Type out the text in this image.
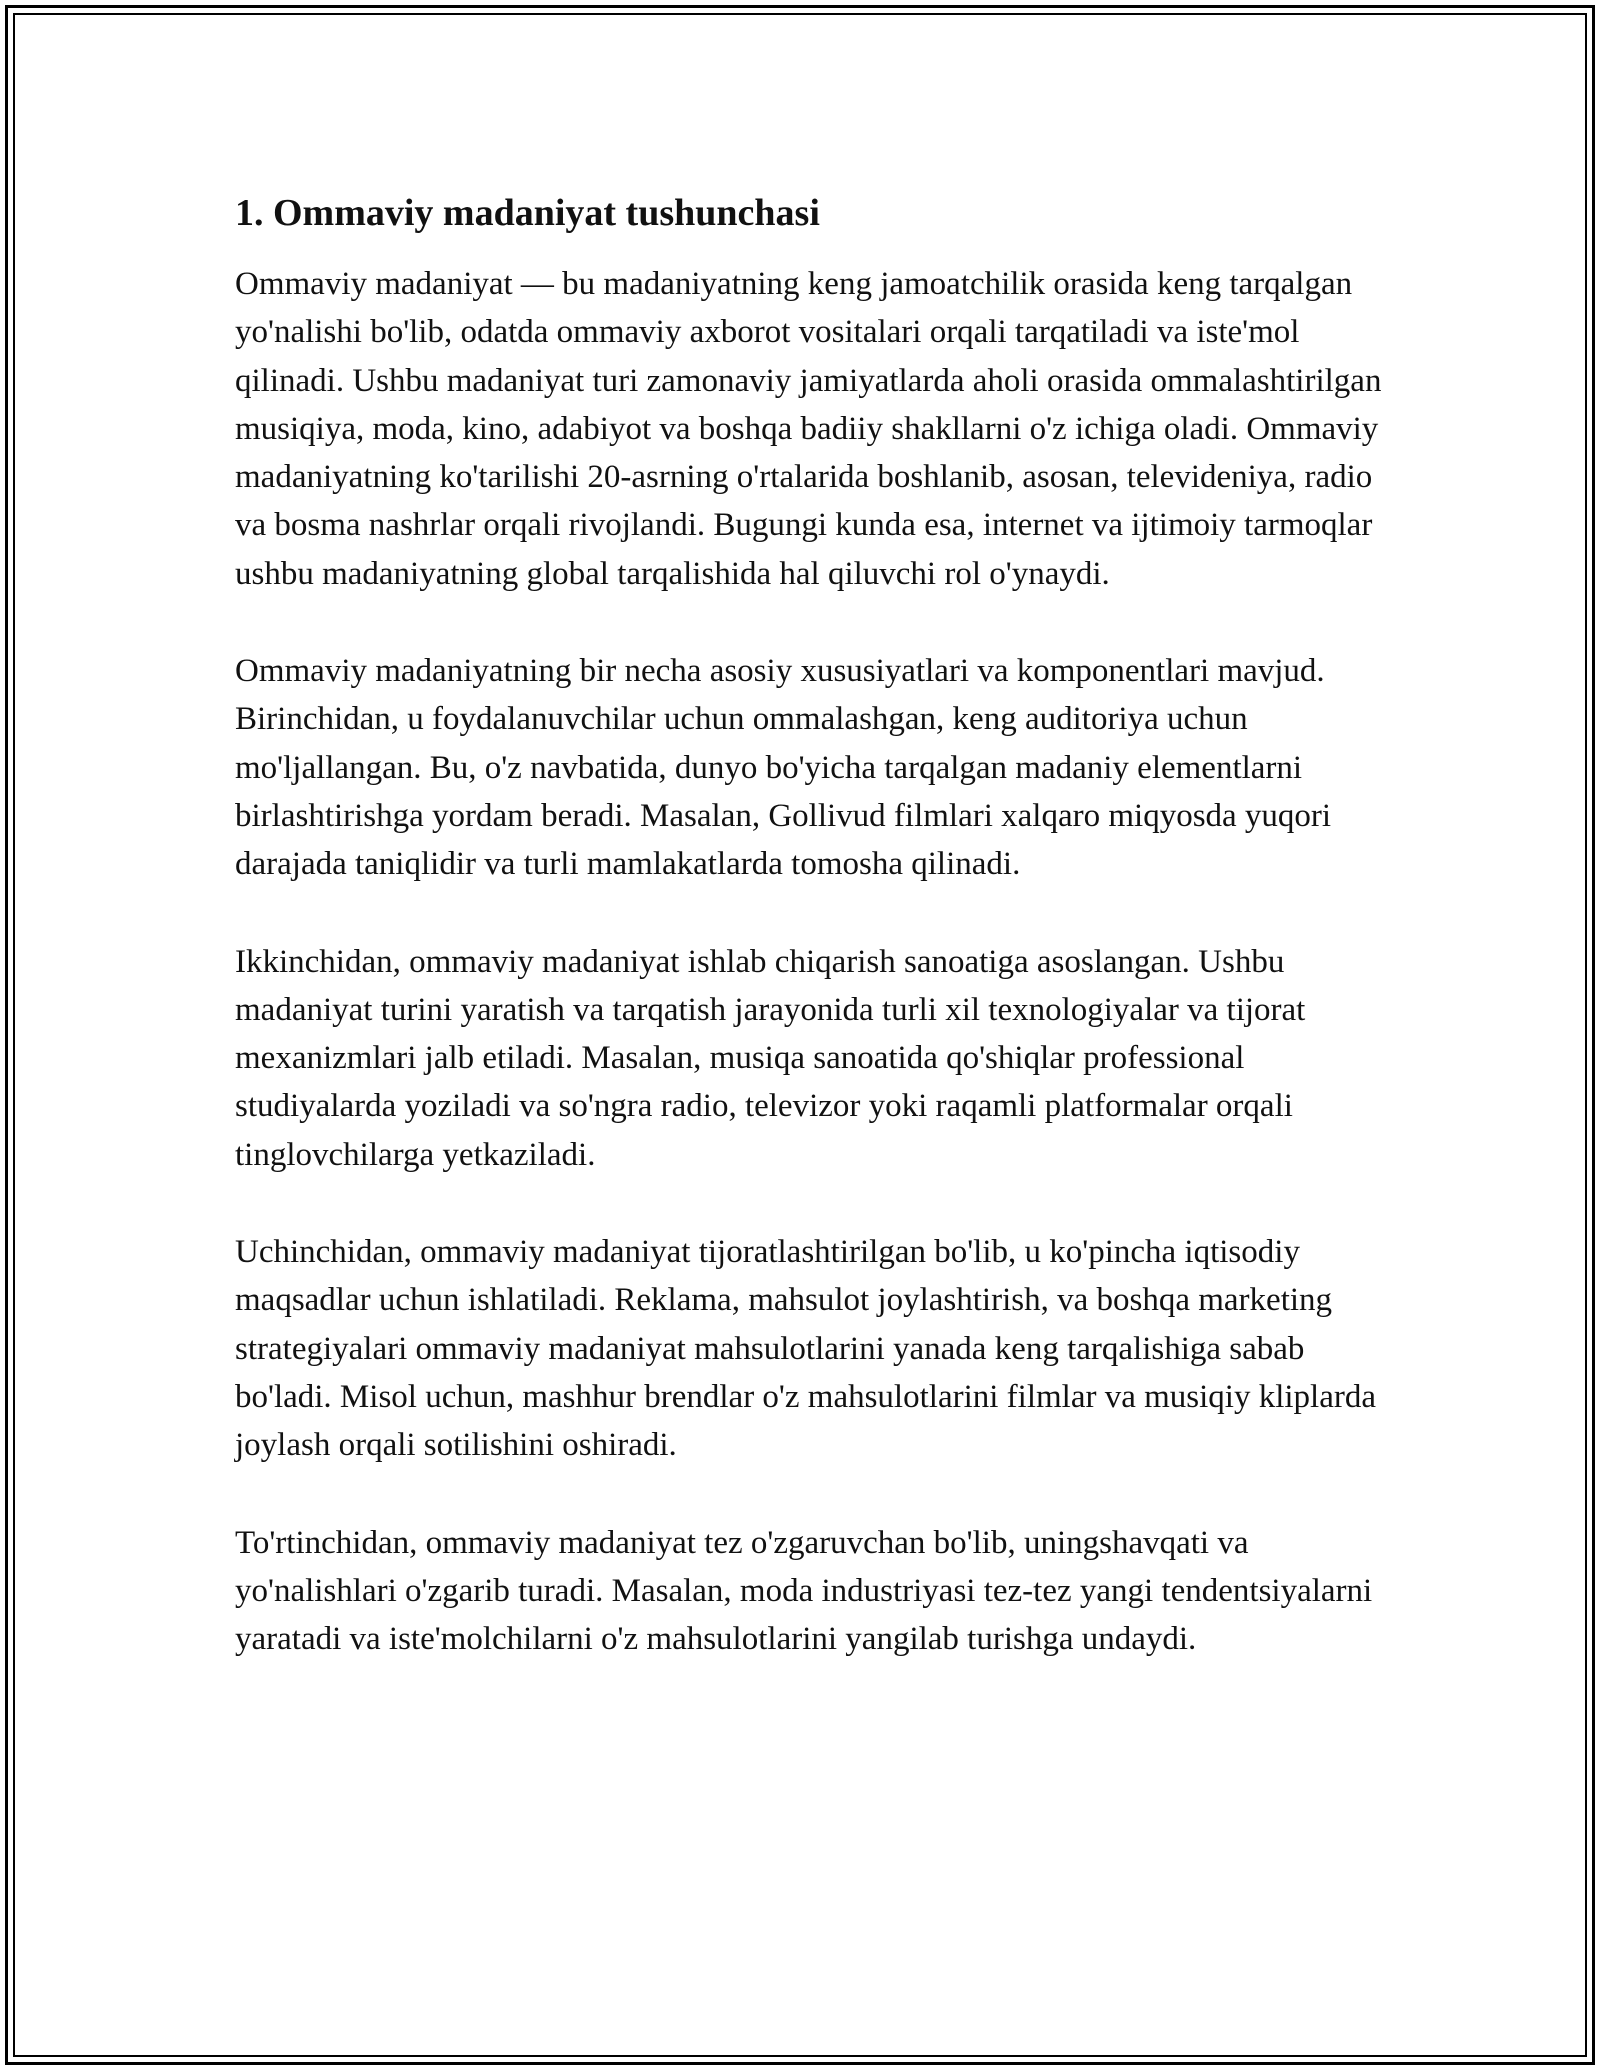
1. Ommaviy madaniyat tushunchasi

Ommaviy madaniyat — bu madaniyatning keng jamoatchilik orasida keng tarqalgan yo'nalishi bo'lib, odatda ommaviy axborot vositalari orqali tarqatiladi va iste'mol qilinadi. Ushbu madaniyat turi zamonaviy jamiyatlarda aholi orasida ommalashtirilgan musiqiya, moda, kino, adabiyot va boshqa badiiy shakllarni o'z ichiga oladi. Ommaviy madaniyatning ko'tarilishi 20-asrning o'rtalarida boshlanib, asosan, televideniya, radio va bosma nashrlar orqali rivojlandi. Bugungi kunda esa, internet va ijtimoiy tarmoqlar ushbu madaniyatning global tarqalishida hal qiluvchi rol o'ynaydi.

Ommaviy madaniyatning bir necha asosiy xususiyatlari va komponentlari mavjud. Birinchidan, u foydalanuvchilar uchun ommalashgan, keng auditoriya uchun mo'ljallangan. Bu, o'z navbatida, dunyo bo'yicha tarqalgan madaniy elementlarni birlashtirishga yordam beradi. Masalan, Gollivud filmlari xalqaro miqyosda yuqori darajada taniqlidir va turli mamlakatlarda tomosha qilinadi.

Ikkinchidan, ommaviy madaniyat ishlab chiqarish sanoatiga asoslangan. Ushbu madaniyat turini yaratish va tarqatish jarayonida turli xil texnologiyalar va tijorat mexanizmlari jalb etiladi. Masalan, musiqa sanoatida qo'shiqlar professional studiyalarda yoziladi va so'ngra radio, televizor yoki raqamli platformalar orqali tinglovchilarga yetkaziladi.

Uchinchidan, ommaviy madaniyat tijoratlashtirilgan bo'lib, u ko'pincha iqtisodiy maqsadlar uchun ishlatiladi. Reklama, mahsulot joylashtirish, va boshqa marketing strategiyalari ommaviy madaniyat mahsulotlarini yanada keng tarqalishiga sabab bo'ladi. Misol uchun, mashhur brendlar o'z mahsulotlarini filmlar va musiqiy kliplarda joylash orqali sotilishini oshiradi.

To'rtinchidan, ommaviy madaniyat tez o'zgaruvchan bo'lib, uningshavqati va yo'nalishlari o'zgarib turadi. Masalan, moda industriyasi tez-tez yangi tendentsiyalarni yaratadi va iste'molchilarni o'z mahsulotlarini yangilab turishga undaydi.
